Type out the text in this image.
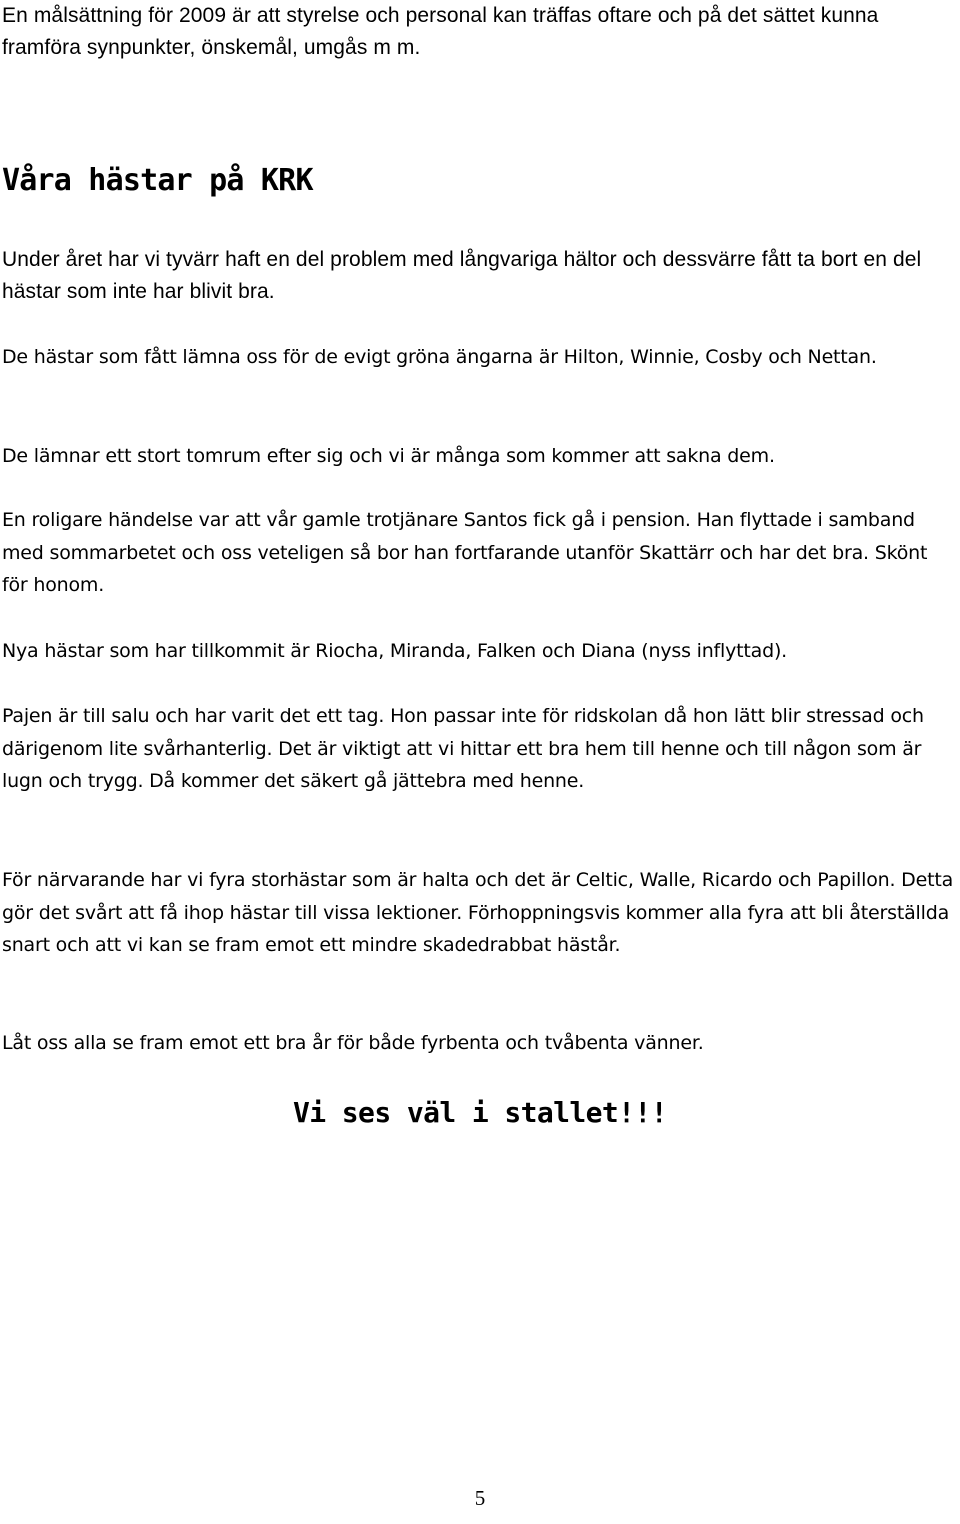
En målsättning för 2009 är att styrelse och personal kan träffas oftare och på det sättet kunna framföra synpunkter, önskemål, umgås m m.

Våra hästar på KRK

Under året har vi tyvärr haft en del problem med långvariga hältor och dessvärre fått ta bort en del hästar som inte har blivit bra.

De hästar som fått lämna oss för de evigt gröna ängarna är Hilton, Winnie, Cosby och Nettan.

De lämnar ett stort tomrum efter sig och vi är många som kommer att sakna dem.

En roligare händelse var att vår gamle trotjänare Santos fick gå i pension. Han flyttade i samband med sommarbetet och oss veteligen så bor han fortfarande utanför Skattärr och har det bra. Skönt för honom.

Nya hästar som har tillkommit är Riocha, Miranda, Falken och Diana (nyss inflyttad).

Pajen är till salu och har varit det ett tag. Hon passar inte för ridskolan då hon lätt blir stressad och därigenom lite svårhanterlig. Det är viktigt att vi hittar ett bra hem till henne och till någon som är lugn och trygg. Då kommer det säkert gå jättebra med henne.

För närvarande har vi fyra storhästar som är halta och det är Celtic, Walle, Ricardo och Papillon. Detta gör det svårt att få ihop hästar till vissa lektioner. Förhoppningsvis kommer alla fyra att bli återställda snart och att vi kan se fram emot ett mindre skadedrabbat hästår.

Låt oss alla se fram emot ett bra år för både fyrbenta och tvåbenta vänner.

Vi ses väl i stallet!!!
5
